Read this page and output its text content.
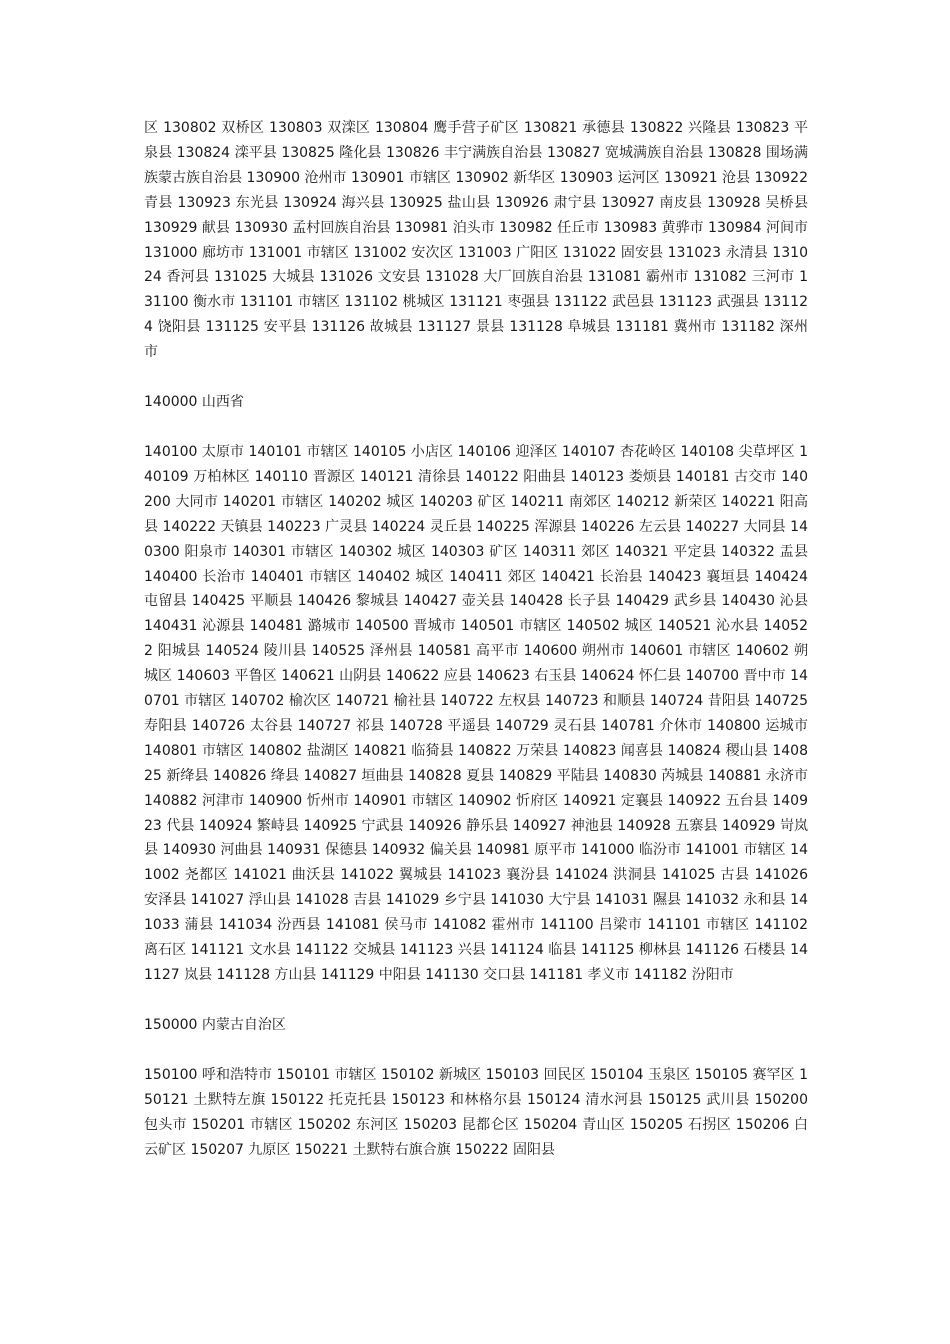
区 130802 双桥区 130803 双滦区 130804 鹰手营子矿区 130821 承德县 130822 兴隆县 130823 平泉县 130824 滦平县 130825 隆化县 130826 丰宁满族自治县 130827 宽城满族自治县 130828 围场满族蒙古族自治县 130900 沧州市 130901 市辖区 130902 新华区 130903 运河区 130921 沧县 130922 青县 130923 东光县 130924 海兴县 130925 盐山县 130926 肃宁县 130927 南皮县 130928 吴桥县 130929 献县 130930 孟村回族自治县 130981 泊头市 130982 任丘市 130983 黄骅市 130984 河间市 131000 廊坊市 131001 市辖区 131002 安次区 131003 广阳区 131022 固安县 131023 永清县 131024 香河县 131025 大城县 131026 文安县 131028 大厂回族自治县 131081 霸州市 131082 三河市 131100 衡水市 131101 市辖区 131102 桃城区 131121 枣强县 131122 武邑县 131123 武强县 131124 饶阳县 131125 安平县 131126 故城县 131127 景县 131128 阜城县 131181 冀州市 131182 深州市

140000 山西省

140100 太原市 140101 市辖区 140105 小店区 140106 迎泽区 140107 杏花岭区 140108 尖草坪区 140109 万柏林区 140110 晋源区 140121 清徐县 140122 阳曲县 140123 娄烦县 140181 古交市 140200 大同市 140201 市辖区 140202 城区 140203 矿区 140211 南郊区 140212 新荣区 140221 阳高县 140222 天镇县 140223 广灵县 140224 灵丘县 140225 浑源县 140226 左云县 140227 大同县 140300 阳泉市 140301 市辖区 140302 城区 140303 矿区 140311 郊区 140321 平定县 140322 盂县 140400 长治市 140401 市辖区 140402 城区 140411 郊区 140421 长治县 140423 襄垣县 140424 屯留县 140425 平顺县 140426 黎城县 140427 壶关县 140428 长子县 140429 武乡县 140430 沁县 140431 沁源县 140481 潞城市 140500 晋城市 140501 市辖区 140502 城区 140521 沁水县 140522 阳城县 140524 陵川县 140525 泽州县 140581 高平市 140600 朔州市 140601 市辖区 140602 朔城区 140603 平鲁区 140621 山阴县 140622 应县 140623 右玉县 140624 怀仁县 140700 晋中市 140701 市辖区 140702 榆次区 140721 榆社县 140722 左权县 140723 和顺县 140724 昔阳县 140725 寿阳县 140726 太谷县 140727 祁县 140728 平遥县 140729 灵石县 140781 介休市 140800 运城市 140801 市辖区 140802 盐湖区 140821 临猗县 140822 万荣县 140823 闻喜县 140824 稷山县 140825 新绛县 140826 绛县 140827 垣曲县 140828 夏县 140829 平陆县 140830 芮城县 140881 永济市 140882 河津市 140900 忻州市 140901 市辖区 140902 忻府区 140921 定襄县 140922 五台县 140923 代县 140924 繁峙县 140925 宁武县 140926 静乐县 140927 神池县 140928 五寨县 140929 岢岚县 140930 河曲县 140931 保德县 140932 偏关县 140981 原平市 141000 临汾市 141001 市辖区 141002 尧都区 141021 曲沃县 141022 翼城县 141023 襄汾县 141024 洪洞县 141025 古县 141026 安泽县 141027 浮山县 141028 吉县 141029 乡宁县 141030 大宁县 141031 隰县 141032 永和县 141033 蒲县 141034 汾西县 141081 侯马市 141082 霍州市 141100 吕梁市 141101 市辖区 141102 离石区 141121 文水县 141122 交城县 141123 兴县 141124 临县 141125 柳林县 141126 石楼县 141127 岚县 141128 方山县 141129 中阳县 141130 交口县 141181 孝义市 141182 汾阳市

150000 内蒙古自治区

150100 呼和浩特市 150101 市辖区 150102 新城区 150103 回民区 150104 玉泉区 150105 赛罕区 150121 土默特左旗 150122 托克托县 150123 和林格尔县 150124 清水河县 150125 武川县 150200 包头市 150201 市辖区 150202 东河区 150203 昆都仑区 150204 青山区 150205 石拐区 150206 白云矿区 150207 九原区 150221 土默特右旗合旗 150222 固阳县
